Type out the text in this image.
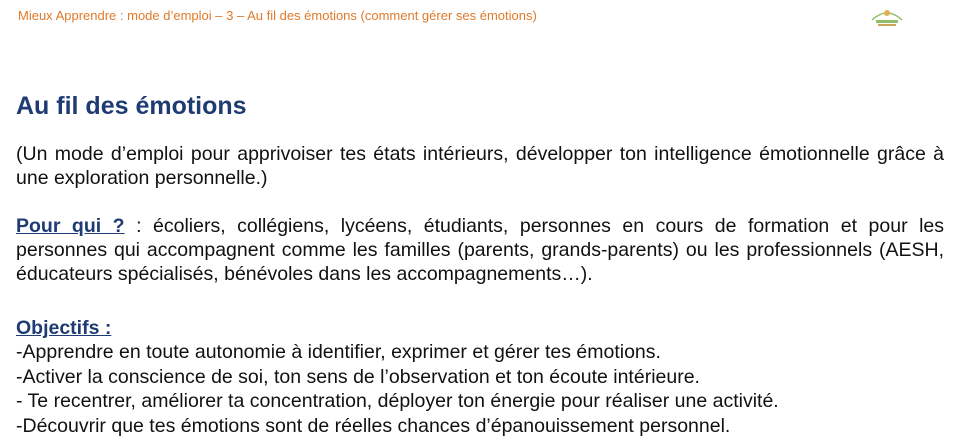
Mieux Apprendre : mode d’emploi – 3 – Au fil des émotions (comment gérer ses émotions)
Au fil des émotions
(Un mode d’emploi pour apprivoiser tes états intérieurs, développer ton intelligence émotionnelle grâce à une exploration personnelle.)
Pour qui ? : écoliers, collégiens, lycéens, étudiants, personnes en cours de formation et pour les personnes qui accompagnent comme les familles (parents, grands-parents) ou les professionnels (AESH, éducateurs spécialisés, bénévoles dans les accompagnements…).
Objectifs :
-Apprendre en toute autonomie à identifier, exprimer et gérer tes émotions.
-Activer la conscience de soi, ton sens de l’observation et ton écoute intérieure.
- Te recentrer, améliorer ta concentration, déployer ton énergie pour réaliser une activité.
-Découvrir que tes émotions sont de réelles chances d’épanouissement personnel.
